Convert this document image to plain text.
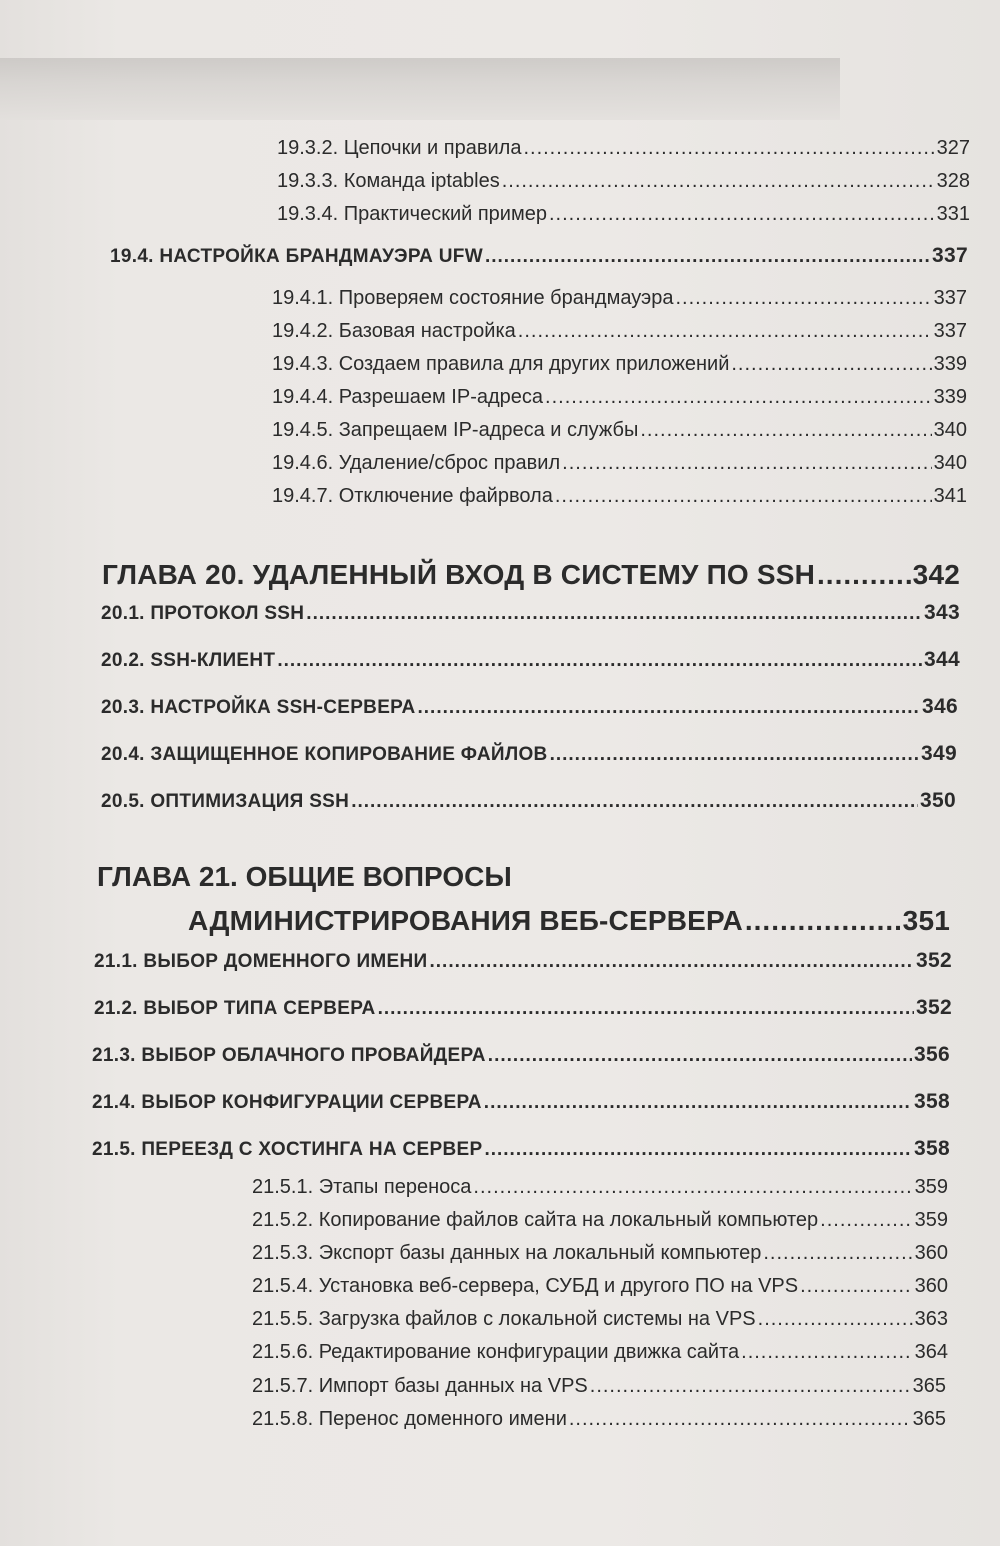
19.3.2. Цепочки и правила .....	327
19.3.3. Команда iptables .....	328
19.3.4. Практический пример .....	331
19.4. НАСТРОЙКА БРАНДМАУЭРА UFW .....	337
19.4.1. Проверяем состояние брандмауэра .....	337
19.4.2. Базовая настройка .....	337
19.4.3. Создаем правила для других приложений .....	339
19.4.4. Разрешаем IP-адреса .....	339
19.4.5. Запрещаем IP-адреса и службы .....	340
19.4.6. Удаление/сброс правил .....	340
19.4.7. Отключение файрвола .....	341
ГЛАВА 20. УДАЛЕННЫЙ ВХОД В СИСТЕМУ ПО SSH .....	342
20.1. ПРОТОКОЛ SSH .....	343
20.2. SSH-КЛИЕНТ .....	344
20.3. НАСТРОЙКА SSH-СЕРВЕРА .....	346
20.4. ЗАЩИЩЕННОЕ КОПИРОВАНИЕ ФАЙЛОВ .....	349
20.5. ОПТИМИЗАЦИЯ SSH .....	350
ГЛАВА 21. ОБЩИЕ ВОПРОСЫ
АДМИНИСТРИРОВАНИЯ ВЕБ-СЕРВЕРА .....	351
21.1. ВЫБОР ДОМЕННОГО ИМЕНИ .....	352
21.2. ВЫБОР ТИПА СЕРВЕРА .....	352
21.3. ВЫБОР ОБЛАЧНОГО ПРОВАЙДЕРА .....	356
21.4. ВЫБОР КОНФИГУРАЦИИ СЕРВЕРА .....	358
21.5. ПЕРЕЕЗД С ХОСТИНГА НА СЕРВЕР .....	358
21.5.1. Этапы переноса .....	359
21.5.2. Копирование файлов сайта на локальный компьютер .....	359
21.5.3. Экспорт базы данных на локальный компьютер .....	360
21.5.4. Установка веб-сервера, СУБД и другого ПО на VPS .....	360
21.5.5. Загрузка файлов с локальной системы на VPS .....	363
21.5.6. Редактирование конфигурации движка сайта .....	364
21.5.7. Импорт базы данных на VPS .....	365
21.5.8. Перенос доменного имени .....	365
